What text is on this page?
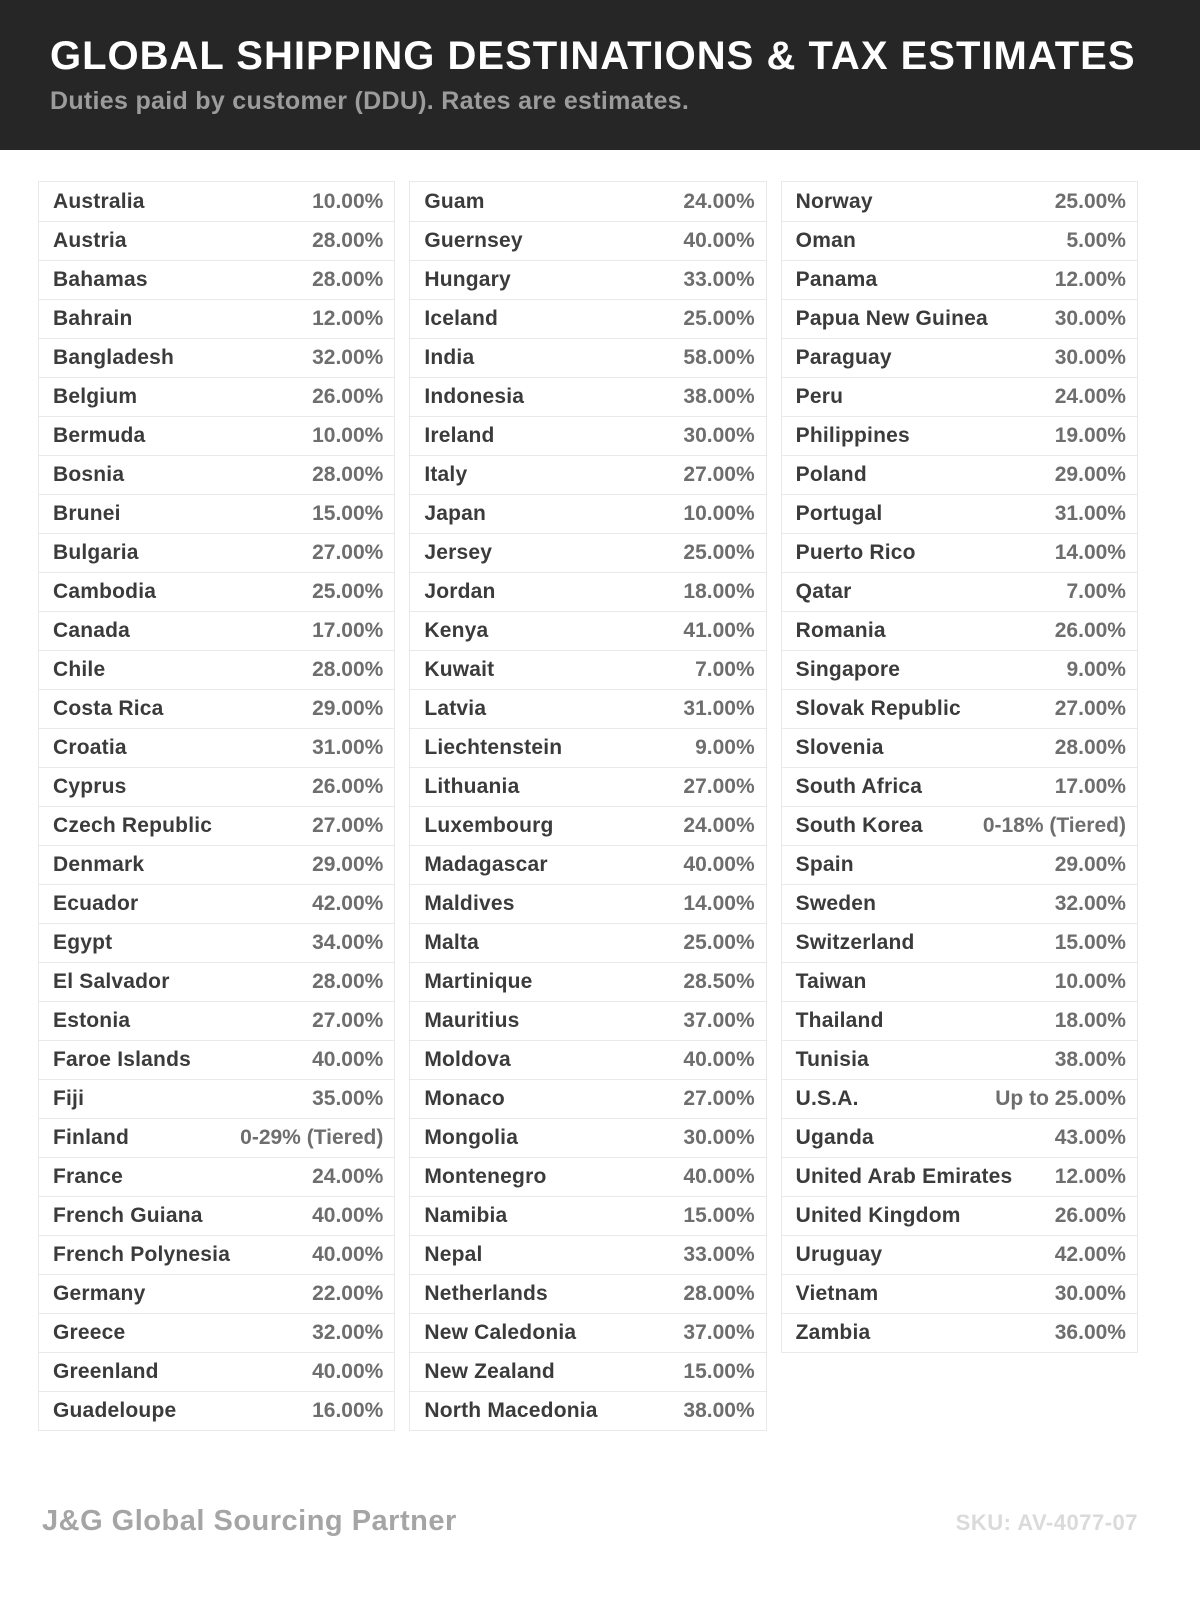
GLOBAL SHIPPING DESTINATIONS & TAX ESTIMATES
Duties paid by customer (DDU). Rates are estimates.
Australia	10.00%
Austria	28.00%
Bahamas	28.00%
Bahrain	12.00%
Bangladesh	32.00%
Belgium	26.00%
Bermuda	10.00%
Bosnia	28.00%
Brunei	15.00%
Bulgaria	27.00%
Cambodia	25.00%
Canada	17.00%
Chile	28.00%
Costa Rica	29.00%
Croatia	31.00%
Cyprus	26.00%
Czech Republic	27.00%
Denmark	29.00%
Ecuador	42.00%
Egypt	34.00%
El Salvador	28.00%
Estonia	27.00%
Faroe Islands	40.00%
Fiji	35.00%
Finland	0-29% (Tiered)
France	24.00%
French Guiana	40.00%
French Polynesia	40.00%
Germany	22.00%
Greece	32.00%
Greenland	40.00%
Guadeloupe	16.00%
Guam	24.00%
Guernsey	40.00%
Hungary	33.00%
Iceland	25.00%
India	58.00%
Indonesia	38.00%
Ireland	30.00%
Italy	27.00%
Japan	10.00%
Jersey	25.00%
Jordan	18.00%
Kenya	41.00%
Kuwait	7.00%
Latvia	31.00%
Liechtenstein	9.00%
Lithuania	27.00%
Luxembourg	24.00%
Madagascar	40.00%
Maldives	14.00%
Malta	25.00%
Martinique	28.50%
Mauritius	37.00%
Moldova	40.00%
Monaco	27.00%
Mongolia	30.00%
Montenegro	40.00%
Namibia	15.00%
Nepal	33.00%
Netherlands	28.00%
New Caledonia	37.00%
New Zealand	15.00%
North Macedonia	38.00%
Norway	25.00%
Oman	5.00%
Panama	12.00%
Papua New Guinea	30.00%
Paraguay	30.00%
Peru	24.00%
Philippines	19.00%
Poland	29.00%
Portugal	31.00%
Puerto Rico	14.00%
Qatar	7.00%
Romania	26.00%
Singapore	9.00%
Slovak Republic	27.00%
Slovenia	28.00%
South Africa	17.00%
South Korea	0-18% (Tiered)
Spain	29.00%
Sweden	32.00%
Switzerland	15.00%
Taiwan	10.00%
Thailand	18.00%
Tunisia	38.00%
U.S.A.	Up to 25.00%
Uganda	43.00%
United Arab Emirates 12.00%
United Kingdom	26.00%
Uruguay	42.00%
Vietnam	30.00%
Zambia	36.00%
J&G Global Sourcing Partner	SKU: AV-4077-07
